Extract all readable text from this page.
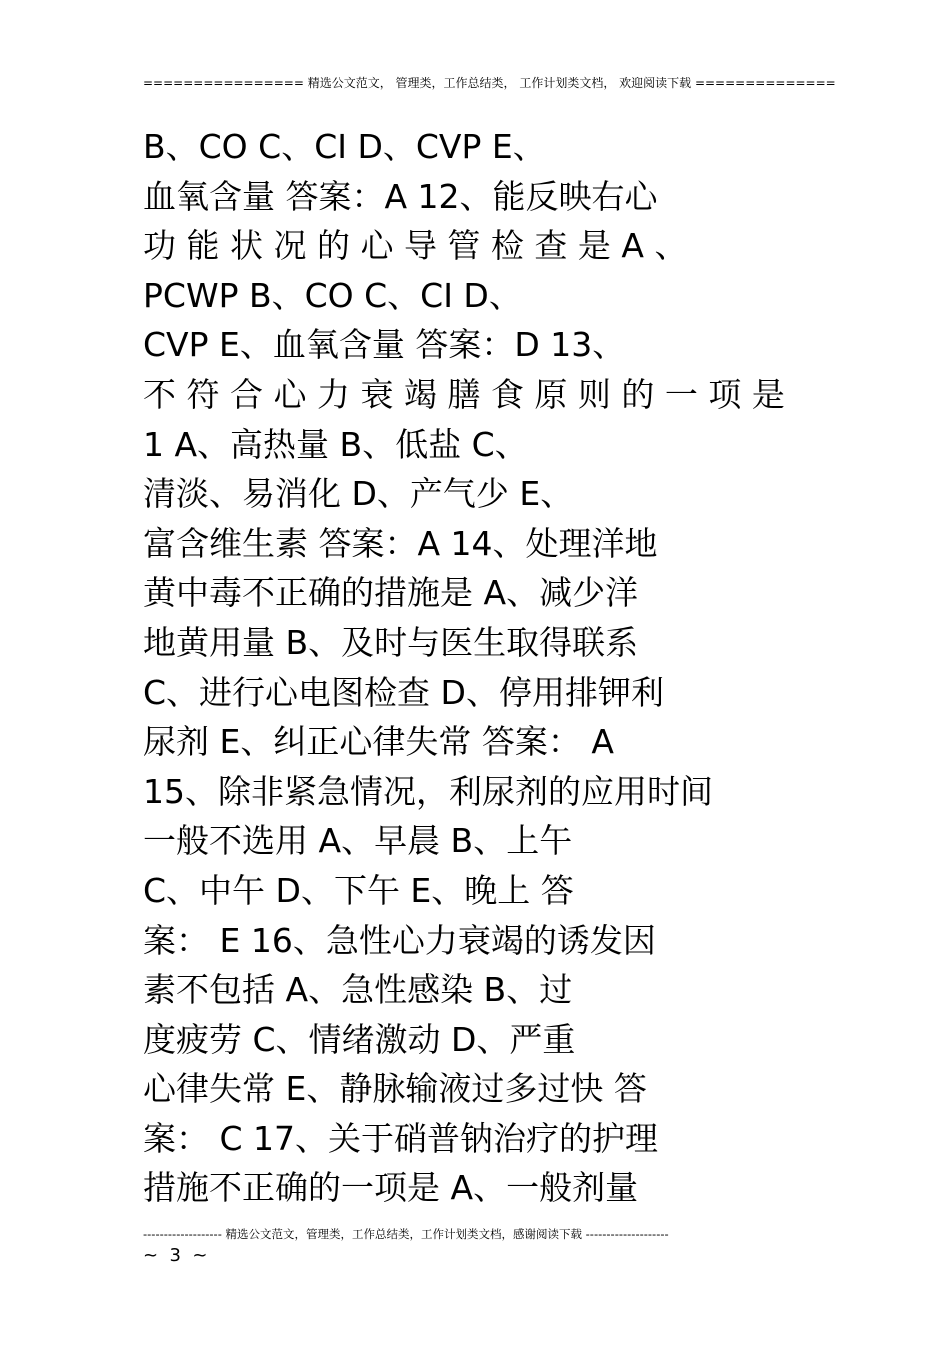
================ 精选公文范文， 管理类，工作总结类， 工作计划类文档， 欢迎阅读下载 ==============
B、CO C、CI D、CVP E、
血氧含量 答案：A 12、能反映右心
功 能 状 况 的 心 导 管 检 查 是 A 、
PCWP B、CO C、CI D、
CVP E、血氧含量 答案：D 13、
不 符 合 心 力 衰 竭 膳 食 原 则 的 一 项 是
1 A、高热量 B、低盐 C、
清淡、易消化 D、产气少 E、
富含维生素 答案：A 14、处理洋地
黄中毒不正确的措施是 A、减少洋
地黄用量 B、及时与医生取得联系
C、进行心电图检查 D、停用排钾利
尿剂 E、纠正心律失常 答案： A
15、除非紧急情况，利尿剂的应用时间
一般不选用 A、早晨 B、上午
C、中午 D、下午 E、晚上 答
案： E 16、急性心力衰竭的诱发因
素不包括 A、急性感染 B、过
度疲劳 C、情绪激动 D、严重
心律失常 E、静脉输液过多过快 答
案： C 17、关于硝普钠治疗的护理
措施不正确的一项是 A、一般剂量
------------------- 精选公文范文，管理类，工作总结类，工作计划类文档，感谢阅读下载 --------------------
~  3  ~
